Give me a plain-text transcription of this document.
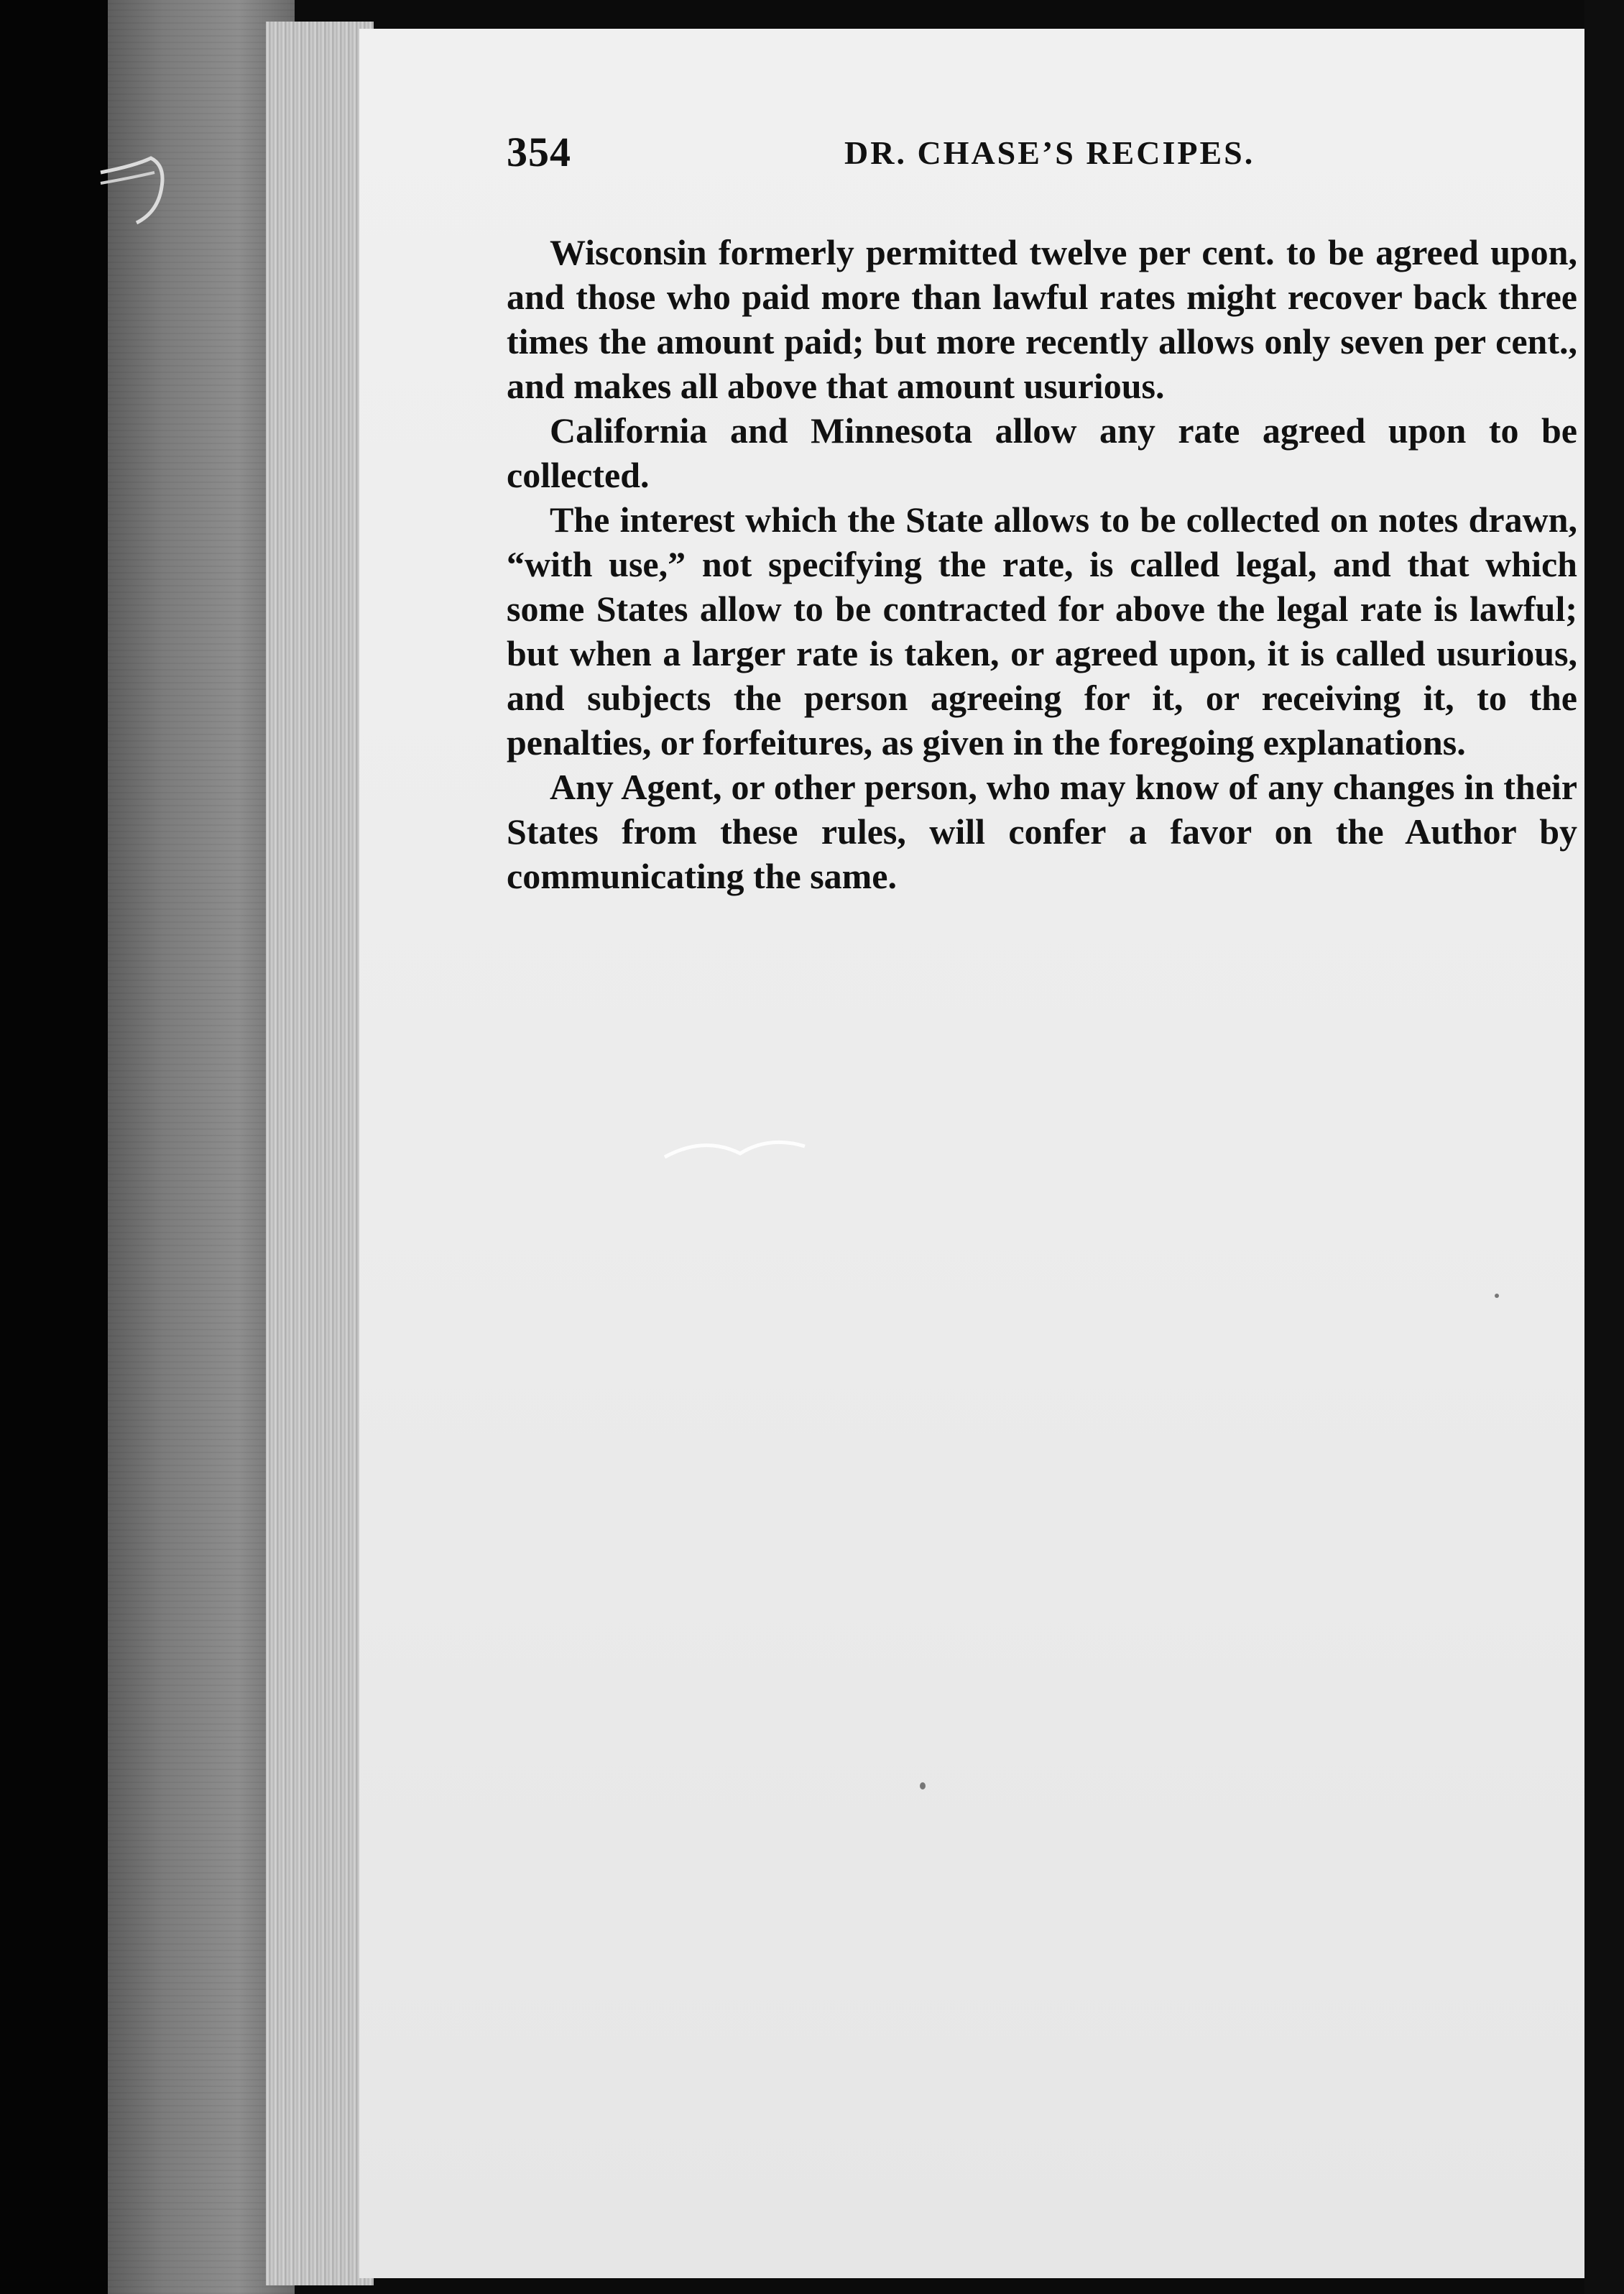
354	DR. CHASE’S RECIPES.

Wisconsin formerly permitted twelve per cent. to be agreed upon, and those who paid more than lawful rates might recover back three times the amount paid; but more recently allows only seven per cent., and makes all above that amount usurious.

California and Minnesota allow any rate agreed upon to be collected.

The interest which the State allows to be collected on notes drawn, “with use,” not specifying the rate, is called legal, and that which some States allow to be contracted for above the legal rate is lawful; but when a larger rate is taken, or agreed upon, it is called usurious, and subjects the person agreeing for it, or receiving it, to the penalties, or forfeitures, as given in the foregoing explanations.

Any Agent, or other person, who may know of any changes in their States from these rules, will confer a favor on the Author by communicating the same.
